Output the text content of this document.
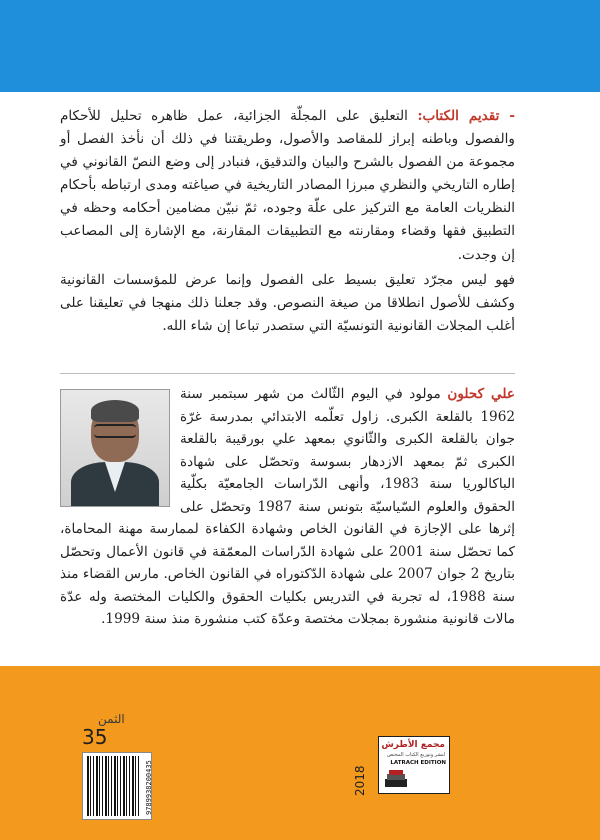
- تقديم الكتاب: التعليق على المجلّة الجزائية، عمل ظاهره تحليل للأحكام والفصول وباطنه إبراز للمقاصد والأصول، وطريقتنا في ذلك أن نأخذ الفصل أو مجموعة من الفصول بالشرح والبيان والتدقيق، فنبادر إلى وضع النصّ القانوني في إطاره التاريخي والنظري مبرزا المصادر التاريخية في صياغته ومدى ارتباطه بأحكام النظريات العامة مع التركيز على علّة وجوده، ثمّ نبيّن مضامين أحكامه وحظه في التطبيق فقها وقضاء ومقارنته مع التطبيقات المقارنة، مع الإشارة إلى المصاعب إن وجدت.

فهو ليس مجرّد تعليق بسيط على الفصول وإنما عرض للمؤسسات القانونية وكشف للأصول انطلاقا من صيغة النصوص. وقد جعلنا ذلك منهجا في تعليقنا على أغلب المجلات القانونية التونسيّة التي ستصدر تباعا إن شاء الله.

علي كحلون مولود في اليوم الثّالث من شهر سبتمبر سنة 1962 بالقلعة الكبرى. زاول تعلّمه الابتدائي بمدرسة غرّة جوان بالقلعة الكبرى والثّانوي بمعهد علي بورقيبة بالقلعة الكبرى ثمّ بمعهد الازدهار بسوسة وتحصّل على شهادة الباكالوريا سنة 1983، وأنهى الدّراسات الجامعيّة بكلّية الحقوق والعلوم السّياسيّة بتونس سنة 1987 وتحصّل على إثرها على الإجازة في القانون الخاص وشهادة الكفاءة لممارسة مهنة المحاماة، كما تحصّل سنة 2001 على شهادة الدّراسات المعمّقة في قانون الأعمال وتحصّل بتاريخ 2 جوان 2007 على شهادة الدّكتوراه في القانون الخاص. مارس القضاء منذ سنة 1988، له تجربة في التدريس بكليات الحقوق والكليات المختصة وله عدّة مالات قانونية منشورة بمجلات مختصة وعدّة كتب منشورة منذ سنة 1999.
الثمن
35
9789938200435	2018
مجمع الأطرش
لنشر وتوزيع الكتاب المختص
LATRACH EDITION
